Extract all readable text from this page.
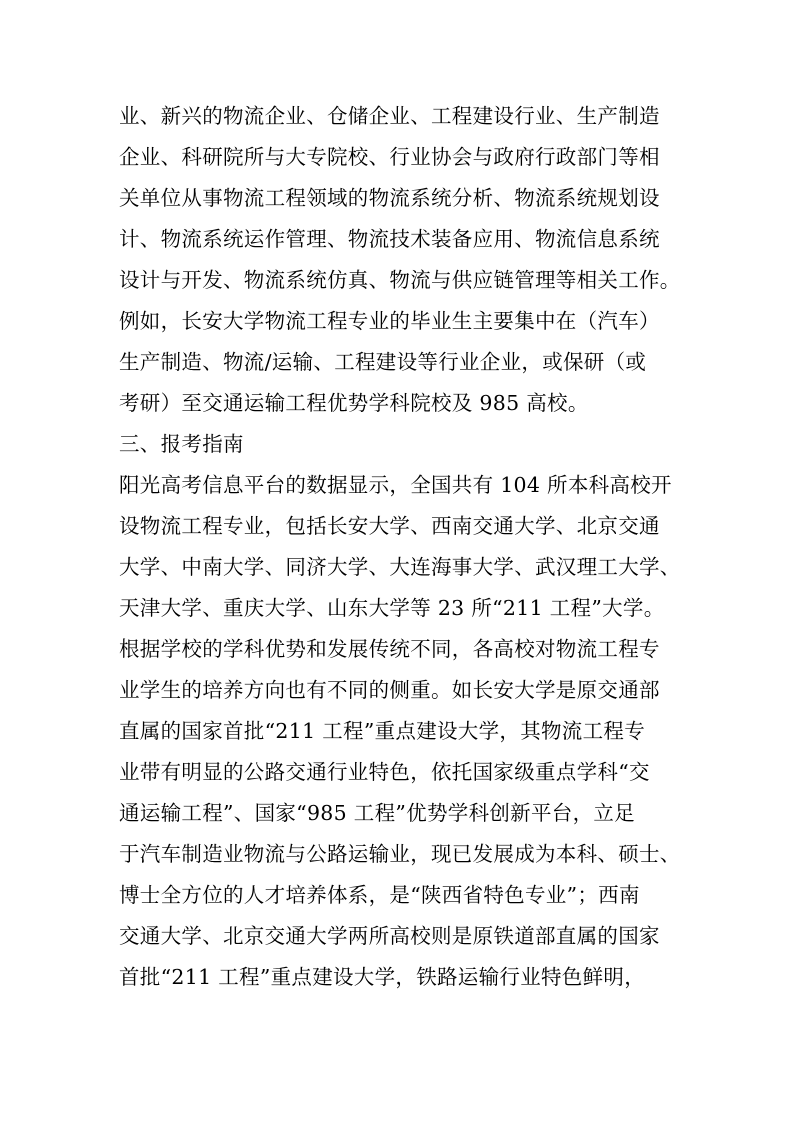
业、新兴的物流企业、仓储企业、工程建设行业、生产制造
企业、科研院所与大专院校、行业协会与政府行政部门等相
关单位从事物流工程领域的物流系统分析、物流系统规划设
计、物流系统运作管理、物流技术装备应用、物流信息系统
设计与开发、物流系统仿真、物流与供应链管理等相关工作。
例如，长安大学物流工程专业的毕业生主要集中在（汽车）
生产制造、物流/运输、工程建设等行业企业，或保研（或
考研）至交通运输工程优势学科院校及 985 高校。
三、报考指南
阳光高考信息平台的数据显示，全国共有 104 所本科高校开
设物流工程专业，包括长安大学、西南交通大学、北京交通
大学、中南大学、同济大学、大连海事大学、武汉理工大学、
天津大学、重庆大学、山东大学等 23 所“211 工程”大学。
根据学校的学科优势和发展传统不同，各高校对物流工程专
业学生的培养方向也有不同的侧重。如长安大学是原交通部
直属的国家首批“211 工程”重点建设大学，其物流工程专
业带有明显的公路交通行业特色，依托国家级重点学科“交
通运输工程”、国家“985 工程”优势学科创新平台，立足
于汽车制造业物流与公路运输业，现已发展成为本科、硕士、
博士全方位的人才培养体系，是“陕西省特色专业”；西南
交通大学、北京交通大学两所高校则是原铁道部直属的国家
首批“211 工程”重点建设大学，铁路运输行业特色鲜明，
